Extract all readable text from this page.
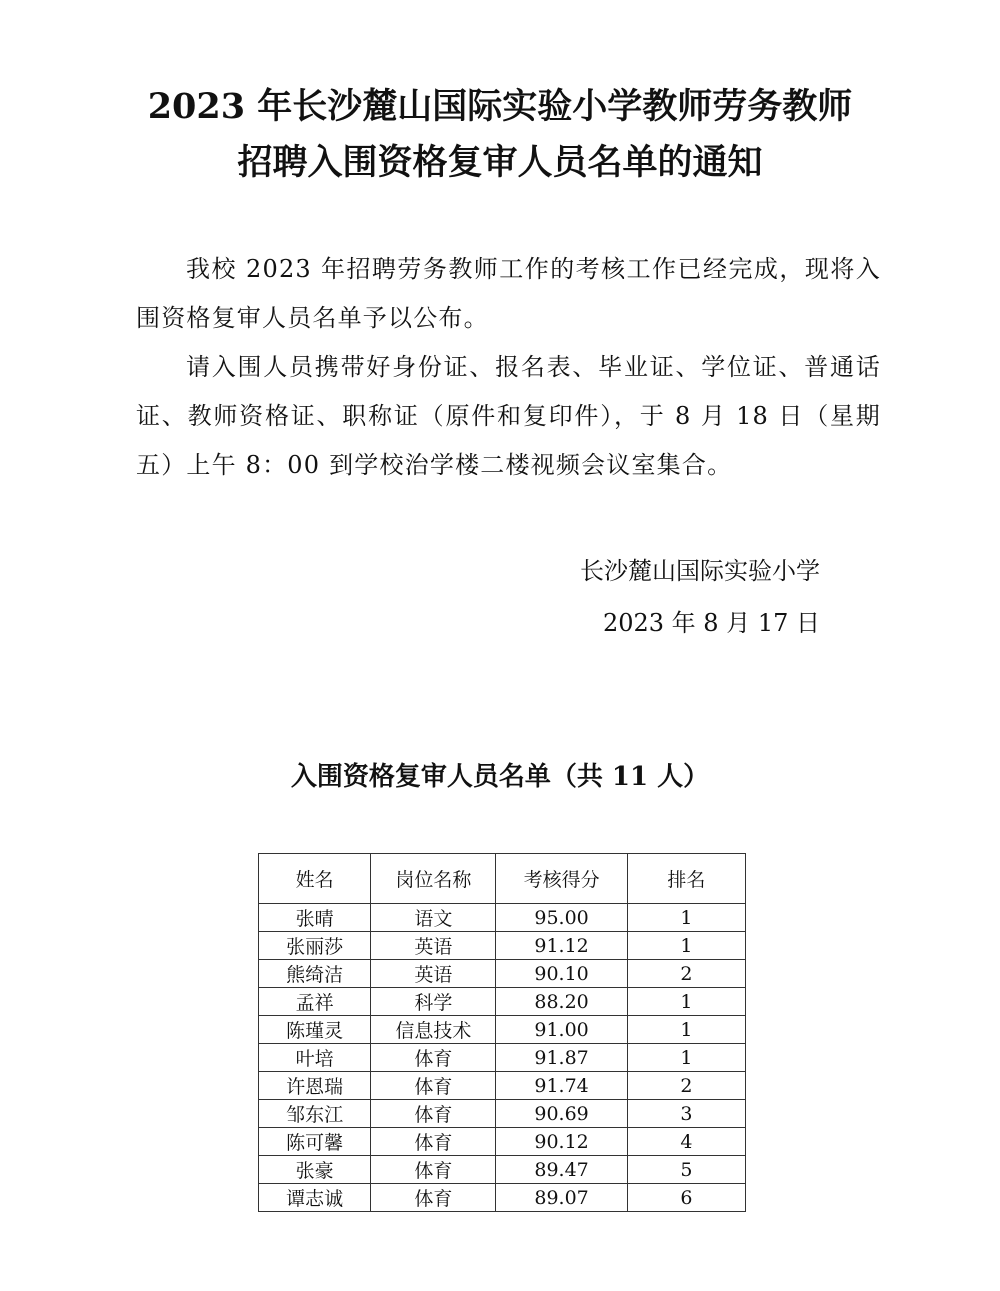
2023 年长沙麓山国际实验小学教师劳务教师
招聘入围资格复审人员名单的通知

我校 2023 年招聘劳务教师工作的考核工作已经完成，现将入围资格复审人员名单予以公布。

请入围人员携带好身份证、报名表、毕业证、学位证、普通话证、教师资格证、职称证（原件和复印件），于 8 月 18 日（星期五）上午 8：00 到学校治学楼二楼视频会议室集合。

长沙麓山国际实验小学

2023 年 8 月 17 日

入围资格复审人员名单（共 11 人）
姓名	岗位名称	考核得分	排名
张晴	语文	95.00	1
张丽莎	英语	91.12	1
熊绮洁	英语	90.10	2
孟祥	科学	88.20	1
陈瑾灵	信息技术	91.00	1
叶培	体育	91.87	1
许恩瑞	体育	91.74	2
邹东江	体育	90.69	3
陈可馨	体育	90.12	4
张豪	体育	89.47	5
谭志诚	体育	89.07	6
